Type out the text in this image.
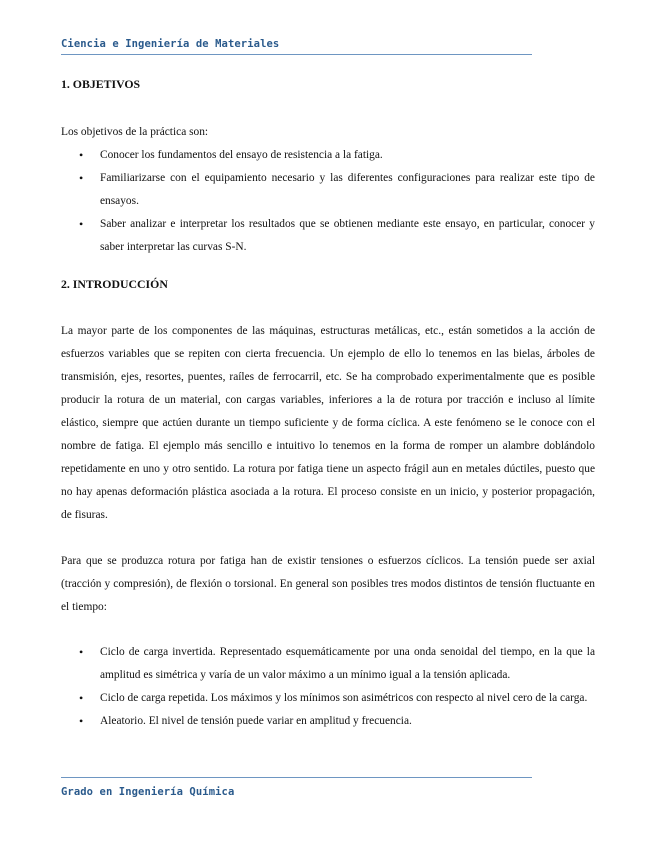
Ciencia e Ingeniería de Materiales
1. OBJETIVOS

Los objetivos de la práctica son:

• Conocer los fundamentos del ensayo de resistencia a la fatiga.
• Familiarizarse con el equipamiento necesario y las diferentes configuraciones para realizar este tipo de ensayos.
• Saber analizar e interpretar los resultados que se obtienen mediante este ensayo, en particular, conocer y saber interpretar las curvas S-N.
2. INTRODUCCIÓN

La mayor parte de los componentes de las máquinas, estructuras metálicas, etc., están sometidos a la acción de esfuerzos variables que se repiten con cierta frecuencia. Un ejemplo de ello lo tenemos en las bielas, árboles de transmisión, ejes, resortes, puentes, raíles de ferrocarril, etc. Se ha comprobado experimentalmente que es posible producir la rotura de un material, con cargas variables, inferiores a la de rotura por tracción e incluso al límite elástico, siempre que actúen durante un tiempo suficiente y de forma cíclica. A este fenómeno se le conoce con el nombre de fatiga. El ejemplo más sencillo e intuitivo lo tenemos en la forma de romper un alambre doblándolo repetidamente en uno y otro sentido. La rotura por fatiga tiene un aspecto frágil aun en metales dúctiles, puesto que no hay apenas deformación plástica asociada a la rotura. El proceso consiste en un inicio, y posterior propagación, de fisuras.

Para que se produzca rotura por fatiga han de existir tensiones o esfuerzos cíclicos. La tensión puede ser axial (tracción y compresión), de flexión o torsional. En general son posibles tres modos distintos de tensión fluctuante en el tiempo:

• Ciclo de carga invertida. Representado esquemáticamente por una onda senoidal del tiempo, en la que la amplitud es simétrica y varía de un valor máximo a un mínimo igual a la tensión aplicada.
• Ciclo de carga repetida. Los máximos y los mínimos son asimétricos con respecto al nivel cero de la carga.
• Aleatorio. El nivel de tensión puede variar en amplitud y frecuencia.
Grado en Ingeniería Química
